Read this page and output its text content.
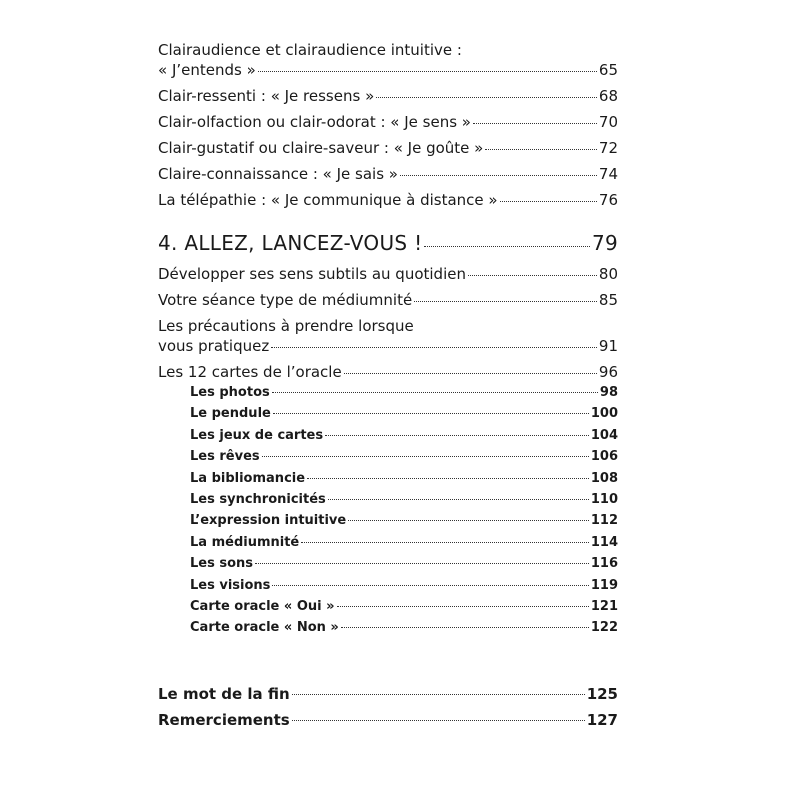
Clairaudience et clairaudience intuitive :
« J’entends »	65
Clair-ressenti : « Je ressens »	68
Clair-olfaction ou clair-odorat : « Je sens »	70
Clair-gustatif ou claire-saveur : « Je goûte »	72
Claire-connaissance : « Je sais »	74
La télépathie : « Je communique à distance »	76
4. ALLEZ, LANCEZ-VOUS !	79
Développer ses sens subtils au quotidien	80
Votre séance type de médiumnité	85
Les précautions à prendre lorsque
vous pratiquez	91
Les 12 cartes de l’oracle	96
Les photos	98
Le pendule	100
Les jeux de cartes	104
Les rêves	106
La bibliomancie	108
Les synchronicités	110
L’expression intuitive	112
La médiumnité	114
Les sons	116
Les visions	119
Carte oracle « Oui »	121
Carte oracle « Non »	122
Le mot de la fin	125
Remerciements	127
